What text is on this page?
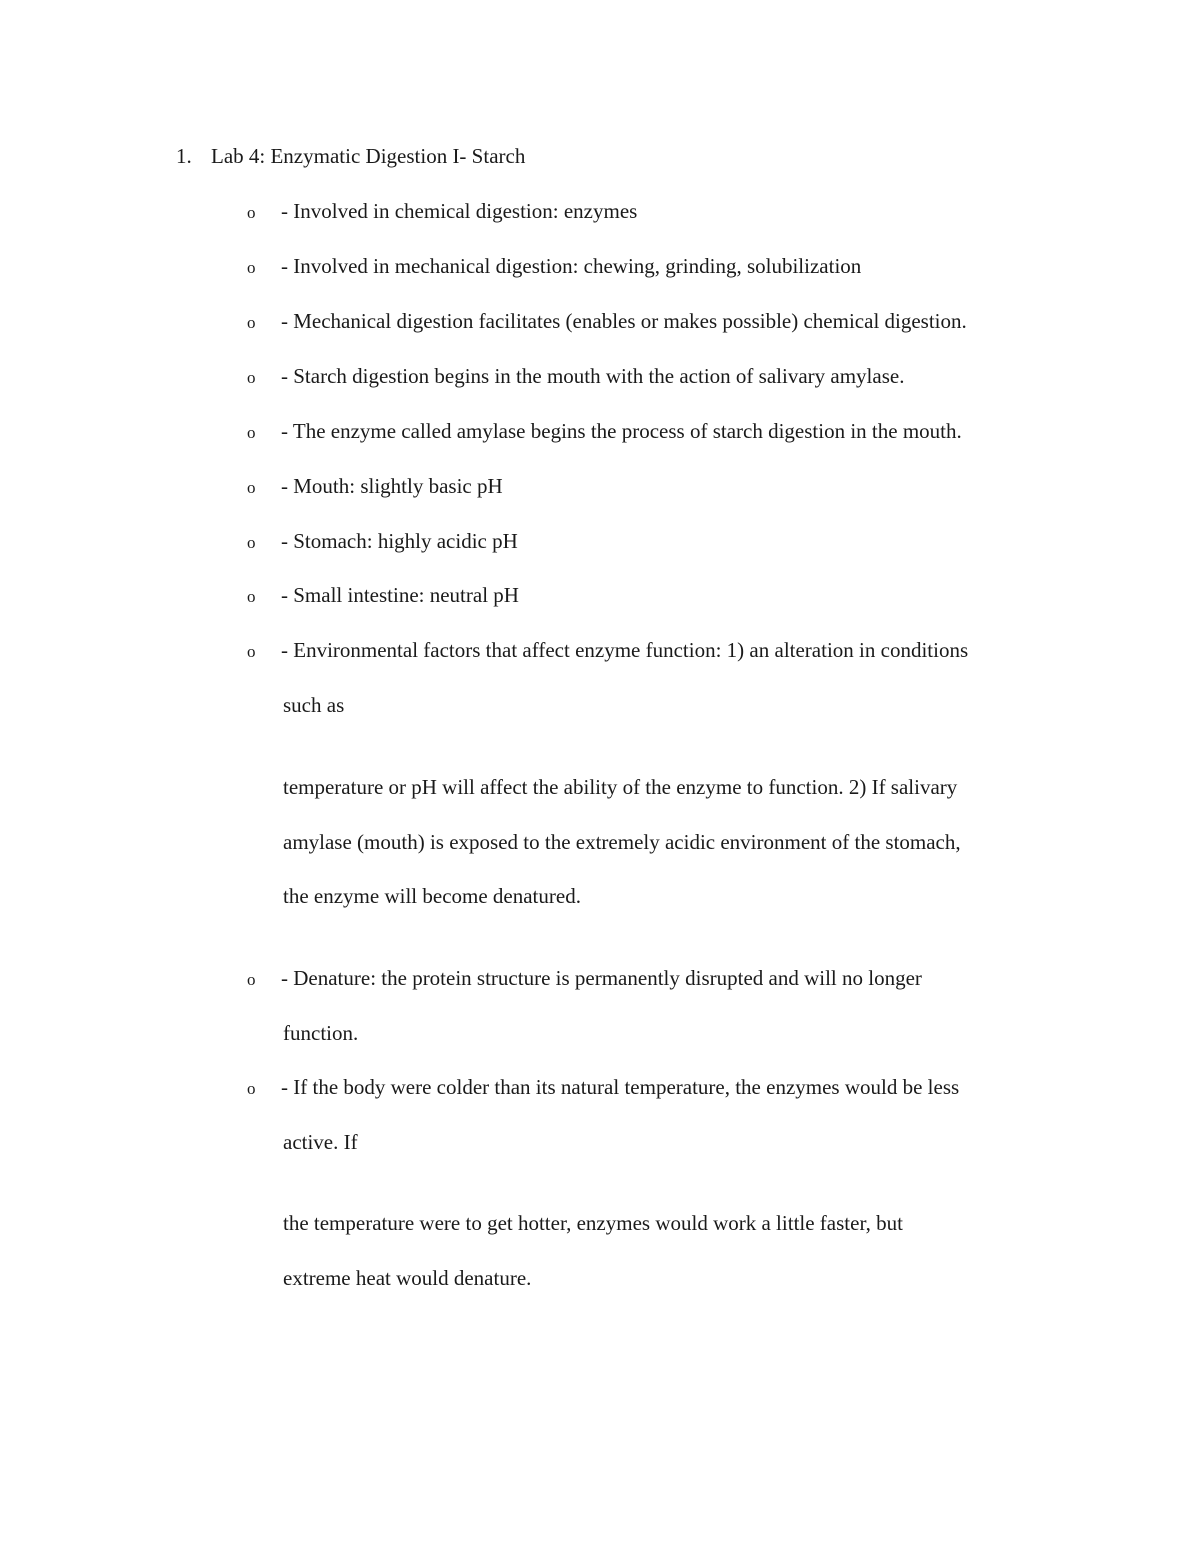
1. Lab 4: Enzymatic Digestion I- Starch
o - Involved in chemical digestion: enzymes
o - Involved in mechanical digestion: chewing, grinding, solubilization
o - Mechanical digestion facilitates (enables or makes possible) chemical digestion.
o - Starch digestion begins in the mouth with the action of salivary amylase.
o - The enzyme called amylase begins the process of starch digestion in the mouth.
o - Mouth: slightly basic pH
o - Stomach: highly acidic pH
o - Small intestine: neutral pH
o - Environmental factors that affect enzyme function: 1) an alteration in conditions
such as
temperature or pH will affect the ability of the enzyme to function. 2) If salivary
amylase (mouth) is exposed to the extremely acidic environment of the stomach,
the enzyme will become denatured.
o - Denature: the protein structure is permanently disrupted and will no longer
function.
o - If the body were colder than its natural temperature, the enzymes would be less
active. If
the temperature were to get hotter, enzymes would work a little faster, but
extreme heat would denature.
